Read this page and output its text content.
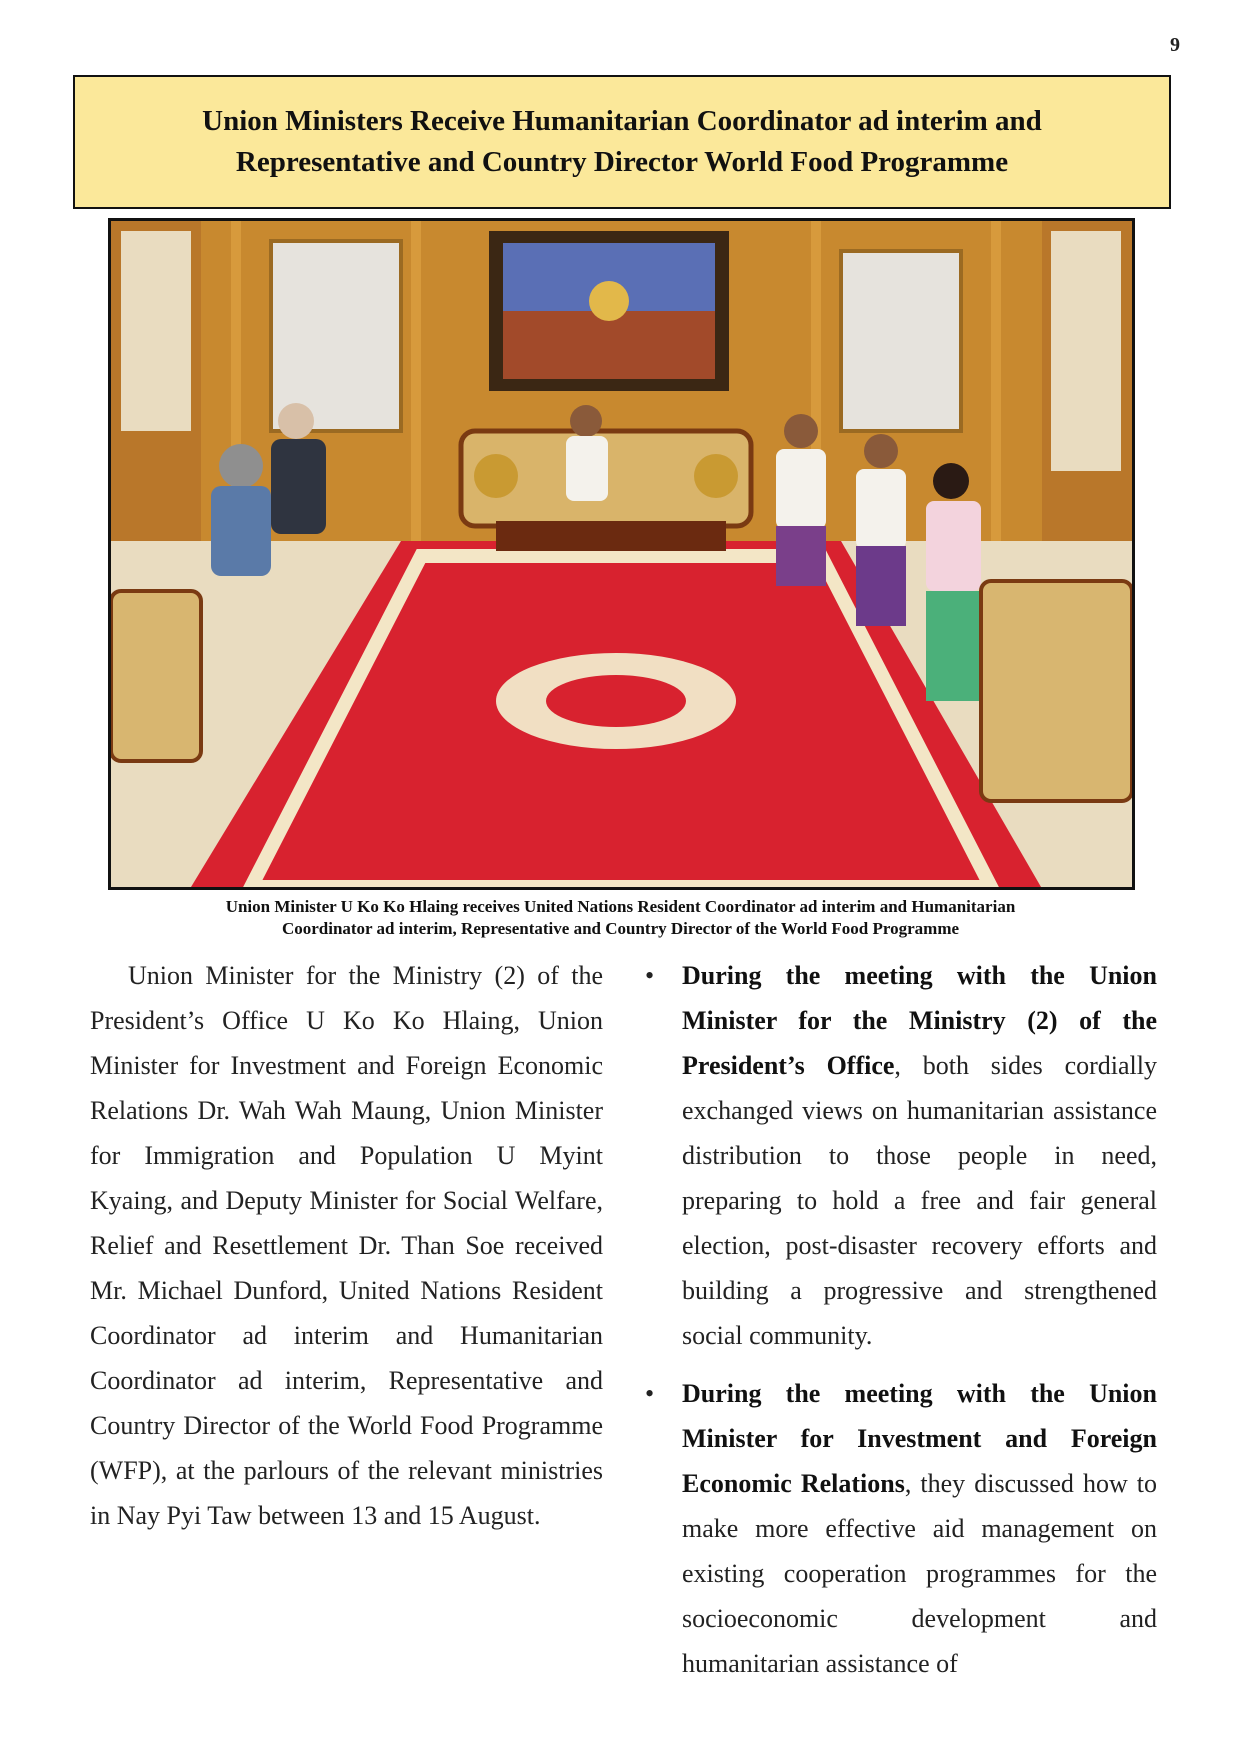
9
Union Ministers Receive Humanitarian Coordinator ad interim and
Representative and Country Director World Food Programme
Union Minister U Ko Ko Hlaing receives United Nations Resident Coordinator ad interim and Humanitarian
Coordinator ad interim, Representative and Country Director of the World Food Programme

Union Minister for the Ministry (2) of the President’s Office U Ko Ko Hlaing, Union Minister for Investment and Foreign Economic Relations Dr. Wah Wah Maung, Union Minister for Immigration and Population U Myint Kyaing, and Deputy Minister for Social Welfare, Relief and Resettlement Dr. Than Soe received Mr. Michael Dunford, United Nations Resident Coordinator ad interim and Humanitarian Coordinator ad interim, Representative and Country Director of the World Food Programme (WFP), at the parlours of the relevant ministries in Nay Pyi Taw between 13 and 15 August.

• During the meeting with the Union Minister for the Ministry (2) of the President’s Office, both sides cordially exchanged views on humanitarian assistance distribution to those people in need, preparing to hold a free and fair general election, post-disaster recovery efforts and building a progressive and strengthened social community.
• During the meeting with the Union Minister for Investment and Foreign Economic Relations, they discussed how to make more effective aid management on existing cooperation programmes for the socioeconomic development and humanitarian assistance of
